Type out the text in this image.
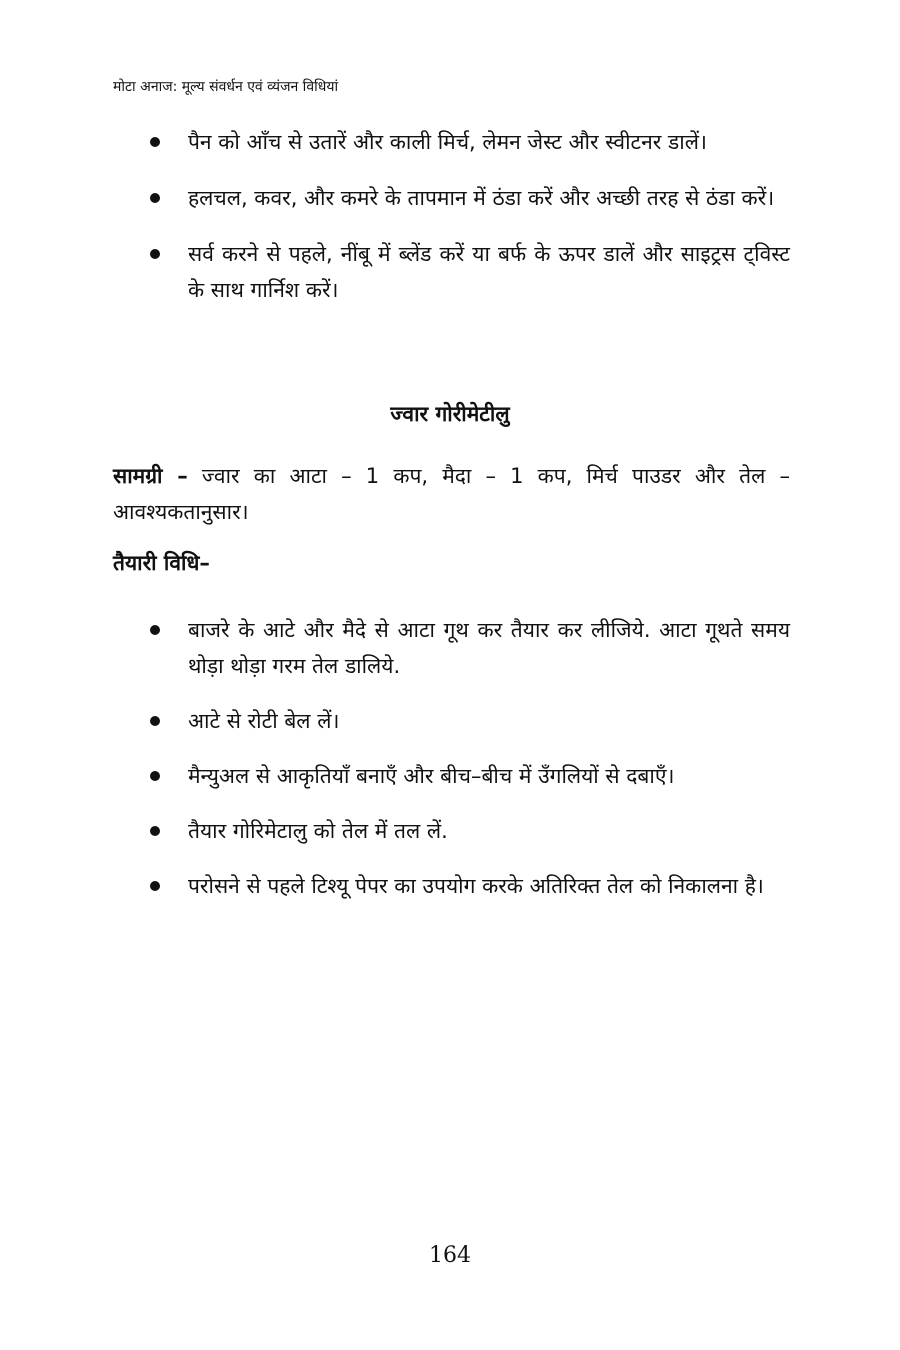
मोटा अनाज: मूल्य संवर्धन एवं व्यंजन विधियां
पैन को आँच से उतारें और काली मिर्च, लेमन जेस्ट और स्वीटनर डालें।
हलचल, कवर, और कमरे के तापमान में ठंडा करें और अच्छी तरह से ठंडा करें।
सर्व करने से पहले, नींबू में ब्लेंड करें या बर्फ के ऊपर डालें और साइट्रस ट्विस्ट के साथ गार्निश करें।
ज्वार गोरीमेटीलु
सामग्री – ज्वार का आटा – 1 कप, मैदा – 1 कप, मिर्च पाउडर और तेल – आवश्यकतानुसार।
तैयारी विधि–
बाजरे के आटे और मैदे से आटा गूथ कर तैयार कर लीजिये. आटा गूथते समय थोड़ा थोड़ा गरम तेल डालिये.
आटे से रोटी बेल लें।
मैन्युअल से आकृतियाँ बनाएँ और बीच–बीच में उँगलियों से दबाएँ।
तैयार गोरिमेटालु को तेल में तल लें.
परोसने से पहले टिश्यू पेपर का उपयोग करके अतिरिक्त तेल को निकालना है।
164
